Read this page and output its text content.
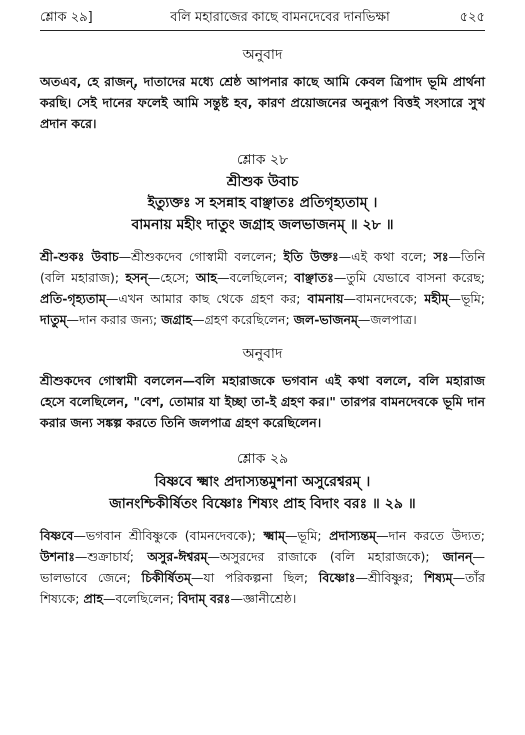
শ্লোক ২৯]	বলি মহারাজের কাছে বামনদেবের দানভিক্ষা	৫২৫
অনুবাদ

অতএব, হে রাজন্, দাতাদের মধ্যে শ্রেষ্ঠ আপনার কাছে আমি কেবল ত্রিপাদ ভূমি প্রার্থনা করছি। সেই দানের ফলেই আমি সন্তুষ্ট হব, কারণ প্রয়োজনের অনুরূপ বিত্তই সংসারে সুখ প্রদান করে।

শ্লোক ২৮
শ্রীশুক উবাচ
ইত্যুক্তঃ স হসন্নাহ বাঞ্ছাতঃ প্রতিগৃহ্যতাম্ ।
বামনায় মহীং দাতুং জগ্রাহ জলভাজনম্ ॥ ২৮ ॥
শ্রী-শুকঃ উবাচ—শ্রীশুকদেব গোস্বামী বললেন; ইতি উক্তঃ—এই কথা বলে; সঃ—তিনি (বলি মহারাজ); হসন্—হেসে; আহ—বলেছিলেন; বাঞ্ছাতঃ—তুমি যেভাবে বাসনা করেছ; প্রতি-গৃহ্যতাম্—এখন আমার কাছ থেকে গ্রহণ কর; বামনায়—বামনদেবকে; মহীম্—ভূমি; দাতুম্—দান করার জন্য; জগ্রাহ—গ্রহণ করেছিলেন; জল-ভাজনম্—জলপাত্র।
অনুবাদ

শ্রীশুকদেব গোস্বামী বললেন—বলি মহারাজকে ভগবান এই কথা বললে, বলি মহারাজ হেসে বলেছিলেন, "বেশ, তোমার যা ইচ্ছা তা-ই গ্রহণ কর।" তারপর বামনদেবকে ভূমি দান করার জন্য সঙ্কল্প করতে তিনি জলপাত্র গ্রহণ করেছিলেন।

শ্লোক ২৯
বিষ্ণবে ক্ষ্মাং প্রদাস্যন্তমুশনা অসুরেশ্বরম্ ।
জানংশ্চিকীর্ষিতং বিষ্ণোঃ শিষ্যং প্রাহ বিদাং বরঃ ॥ ২৯ ॥
বিষ্ণবে—ভগবান শ্রীবিষ্ণুকে (বামনদেবকে); ক্ষ্মাম্—ভূমি; প্রদাস্যন্তম্—দান করতে উদ্যত; উশনাঃ—শুক্রাচার্য; অসুর-ঈশ্বরম্—অসুরদের রাজাকে (বলি মহারাজকে); জানন্—ভালভাবে জেনে; চিকীর্ষিতম্—যা পরিকল্পনা ছিল; বিষ্ণোঃ—শ্রীবিষ্ণুর; শিষ্যম্—তাঁর শিষ্যকে; প্রাহ—বলেছিলেন; বিদাম্ বরঃ—জ্ঞানীশ্রেষ্ঠ।
